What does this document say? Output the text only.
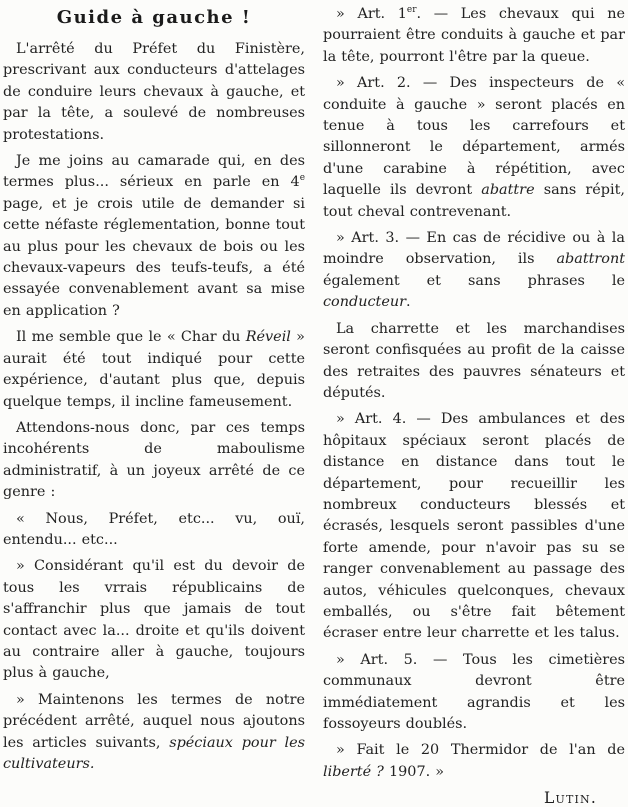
Guide à gauche !

L'arrêté du Préfet du Finistère, prescrivant aux conducteurs d'attelages de conduire leurs chevaux à gauche, et par la tête, a soulevé de nombreuses protestations.

Je me joins au camarade qui, en des termes plus... sérieux en parle en 4e page, et je crois utile de demander si cette néfaste réglementation, bonne tout au plus pour les chevaux de bois ou les chevaux-vapeurs des teufs-teufs, a été essayée convenablement avant sa mise en application ?

Il me semble que le « Char du Réveil » aurait été tout indiqué pour cette expérience, d'autant plus que, depuis quelque temps, il incline fameusement.

Attendons-nous donc, par ces temps incohérents de maboulisme administratif, à un joyeux arrêté de ce genre :

« Nous, Préfet, etc... vu, ouï, entendu... etc...

» Considérant qu'il est du devoir de tous les vrrais républicains de s'affranchir plus que jamais de tout contact avec la... droite et qu'ils doivent au contraire aller à gauche, toujours plus à gauche,

» Maintenons les termes de notre précédent arrêté, auquel nous ajoutons les articles suivants, spéciaux pour les cultivateurs.

» Art. 1er. — Les chevaux qui ne pourraient être conduits à gauche et par la tête, pourront l'être par la queue.

» Art. 2. — Des inspecteurs de « conduite à gauche » seront placés en tenue à tous les carrefours et sillonneront le département, armés d'une carabine à répétition, avec laquelle ils devront abattre sans répit, tout cheval contrevenant.

» Art. 3. — En cas de récidive ou à la moindre observation, ils abattront également et sans phrases le conducteur.

La charrette et les marchandises seront confisquées au profit de la caisse des retraites des pauvres sénateurs et députés.

» Art. 4. — Des ambulances et des hôpitaux spéciaux seront placés de distance en distance dans tout le département, pour recueillir les nombreux conducteurs blessés et écrasés, lesquels seront passibles d'une forte amende, pour n'avoir pas su se ranger convenablement au passage des autos, véhicules quelconques, chevaux emballés, ou s'être fait bêtement écraser entre leur charrette et les talus.

» Art. 5. — Tous les cimetières communaux devront être immédiatement agrandis et les fossoyeurs doublés.

» Fait le 20 Thermidor de l'an de liberté ? 1907. »

Lutin.
